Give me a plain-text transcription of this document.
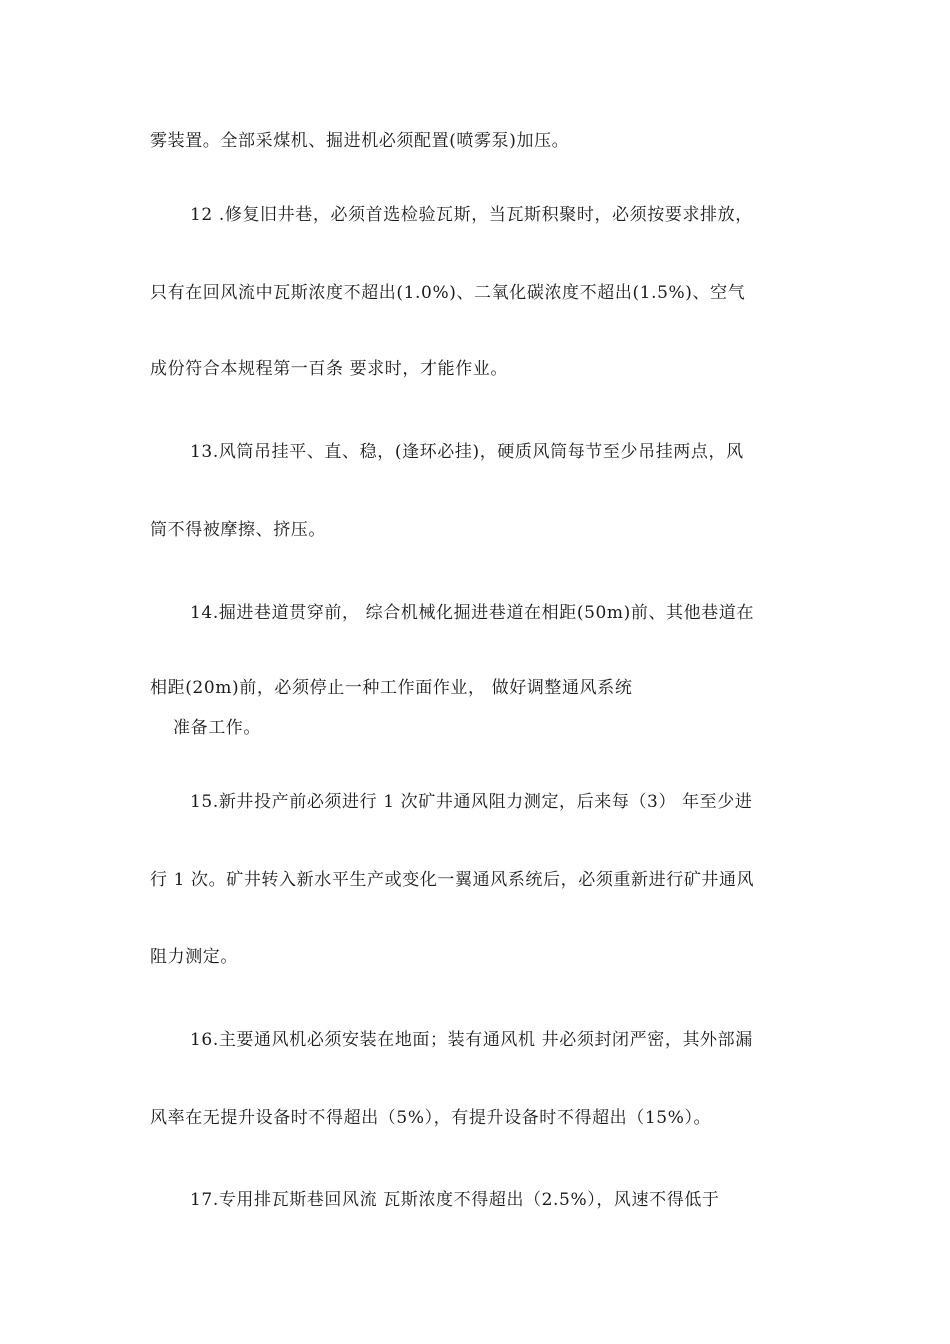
雾装置。全部采煤机、掘进机必须配置(喷雾泵)加压。
12 .修复旧井巷，必须首选检验瓦斯，当瓦斯积聚时，必须按要求排放，
只有在回风流中瓦斯浓度不超出(1.0%)、二氧化碳浓度不超出(1.5%)、空气
成份符合本规程第一百条 要求时，才能作业。
13.风筒吊挂平、直、稳，(逢环必挂)，硬质风筒每节至少吊挂两点，风
筒不得被摩擦、挤压。
14.掘进巷道贯穿前， 综合机械化掘进巷道在相距(50m)前、其他巷道在
相距(20m)前，必须停止一种工作面作业， 做好调整通风系统
准备工作。
15.新井投产前必须进行 1 次矿井通风阻力测定，后来每（3） 年至少进
行 1 次。矿井转入新水平生产或变化一翼通风系统后，必须重新进行矿井通风
阻力测定。
16.主要通风机必须安装在地面；装有通风机 井必须封闭严密，其外部漏
风率在无提升设备时不得超出（5%），有提升设备时不得超出（15%）。
17.专用排瓦斯巷回风流 瓦斯浓度不得超出（2.5%），风速不得低于
